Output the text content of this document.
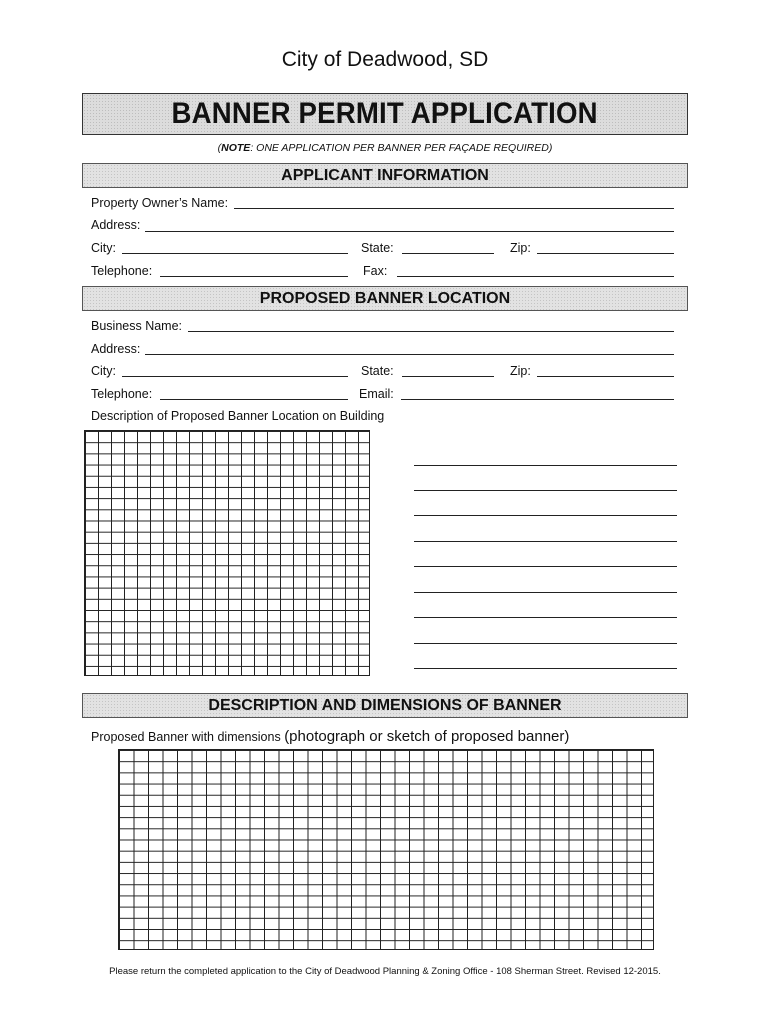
City of Deadwood, SD
BANNER PERMIT APPLICATION
(NOTE: ONE APPLICATION PER BANNER PER FAÇADE REQUIRED)
APPLICANT INFORMATION
Property Owner’s Name:
Address:
City:	State:	Zip:
Telephone:	Fax:
PROPOSED BANNER LOCATION
Business Name:
Address:
City:	State:	Zip:
Telephone:	Email:
Description of Proposed Banner Location on Building
DESCRIPTION AND DIMENSIONS OF BANNER
Proposed Banner with dimensions (photograph or sketch of proposed banner)
Please return the completed application to the City of Deadwood Planning & Zoning Office - 108 Sherman Street. Revised 12-2015.
